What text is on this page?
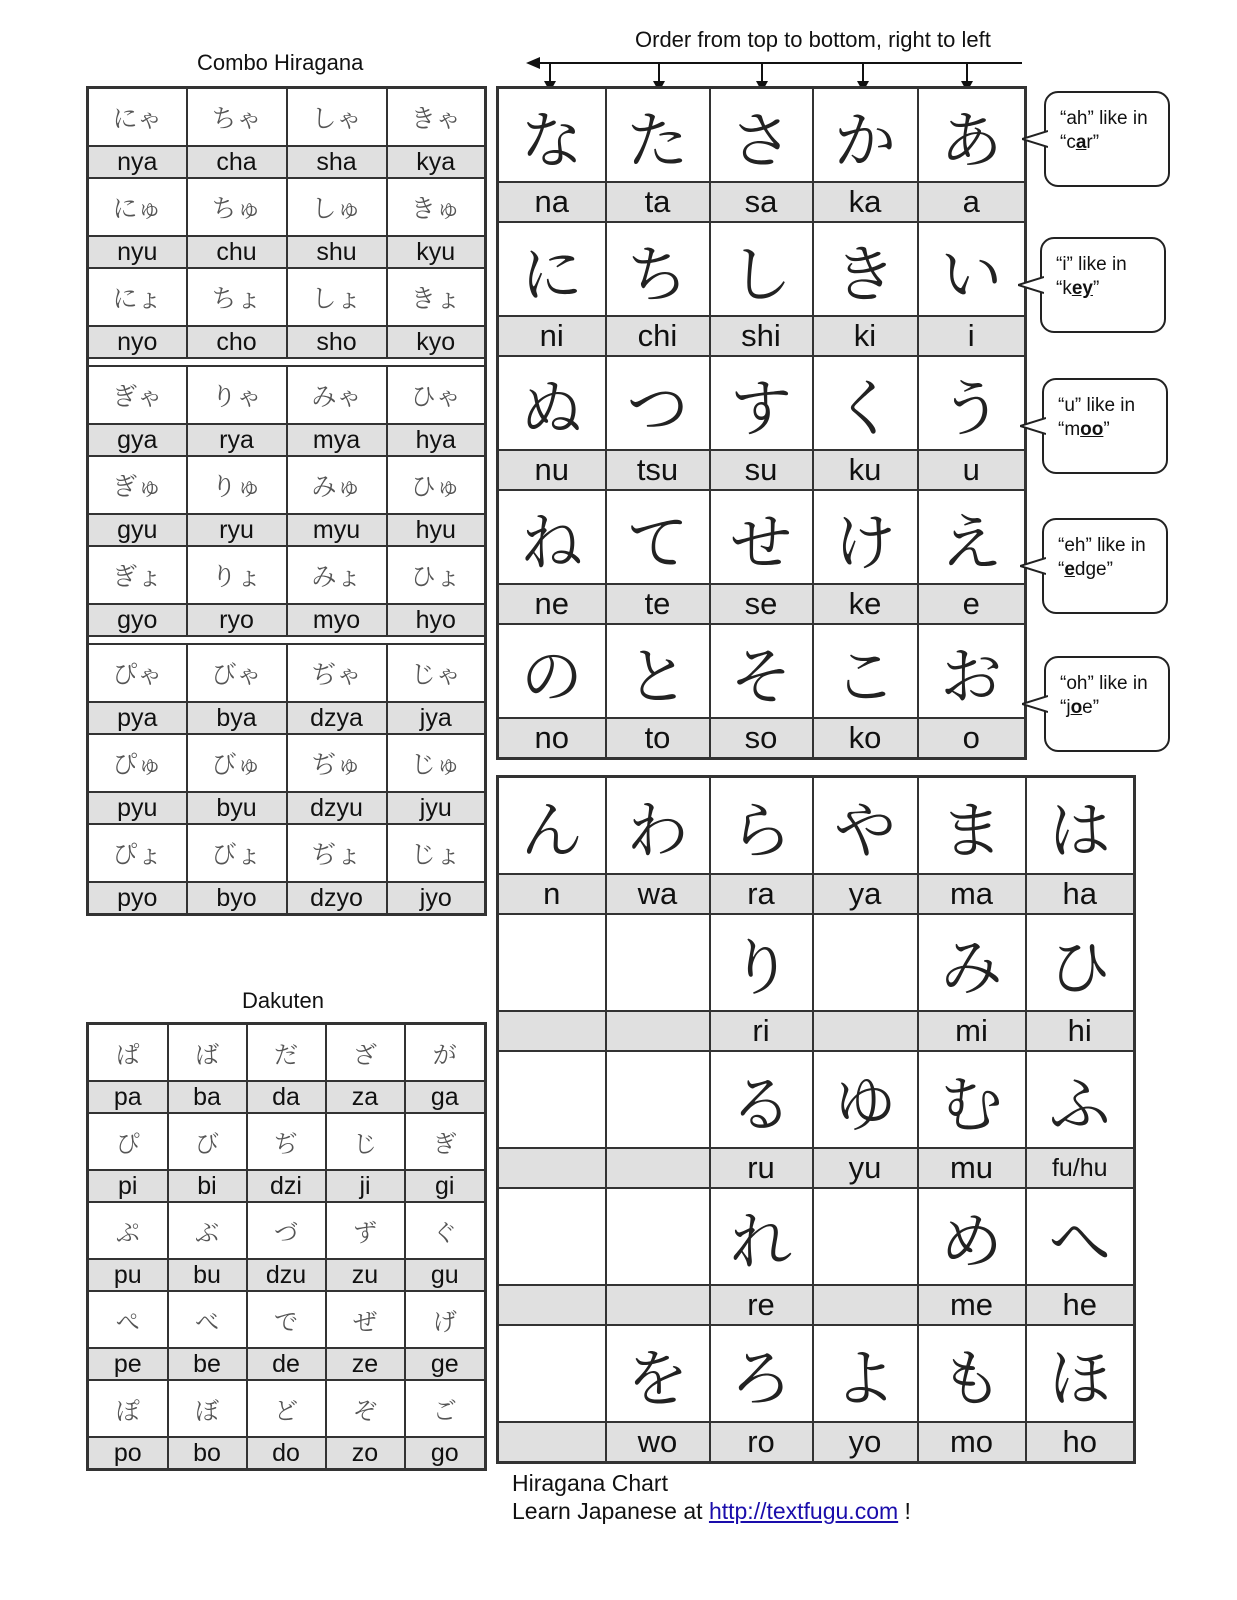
Combo Hiragana
Dakuten
Order from top to bottom, right to left
にゃ	ちゃ	しゃ	きゃ
nya	cha	sha	kya
にゅ	ちゅ	しゅ	きゅ
nyu	chu	shu	kyu
にょ	ちょ	しょ	きょ
nyo	cho	sho	kyo

ぎゃ	りゃ	みゃ	ひゃ
gya	rya	mya	hya
ぎゅ	りゅ	みゅ	ひゅ
gyu	ryu	myu	hyu
ぎょ	りょ	みょ	ひょ
gyo	ryo	myo	hyo

ぴゃ	びゃ	ぢゃ	じゃ
pya	bya	dzya	jya
ぴゅ	びゅ	ぢゅ	じゅ
pyu	byu	dzyu	jyu
ぴょ	びょ	ぢょ	じょ
pyo	byo	dzyo	jyo
ぱ	ば	だ	ざ	が
pa	ba	da	za	ga
ぴ	び	ぢ	じ	ぎ
pi	bi	dzi	ji	gi
ぷ	ぶ	づ	ず	ぐ
pu	bu	dzu	zu	gu
ぺ	べ	で	ぜ	げ
pe	be	de	ze	ge
ぽ	ぼ	ど	ぞ	ご
po	bo	do	zo	go
な	た	さ	か	あ
na	ta	sa	ka	a
に	ち	し	き	い
ni	chi	shi	ki	i
ぬ	つ	す	く	う
nu	tsu	su	ku	u
ね	て	せ	け	え
ne	te	se	ke	e
の	と	そ	こ	お
no	to	so	ko	o
ん	わ	ら	や	ま	は
n	wa	ra	ya	ma	ha
		り		み	ひ
		ri		mi	hi
		る	ゆ	む	ふ
		ru	yu	mu	fu/hu
		れ		め	へ
		re		me	he
	を	ろ	よ	も	ほ
	wo	ro	yo	mo	ho
“ah” like in
“car”
“i” like in
“key”
“u” like in
“moo”
“eh” like in
“edge”
“oh” like in
“joe”
Hiragana Chart
Learn Japanese at http://textfugu.com !
